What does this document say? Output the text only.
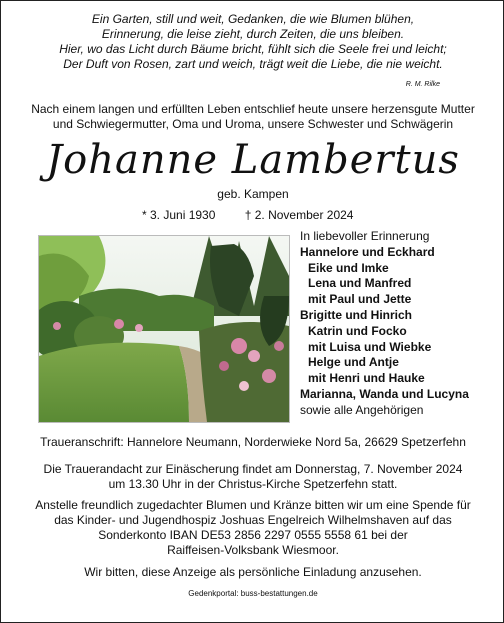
Ein Garten, still und weit, Gedanken, die wie Blumen blühen,
Erinnerung, die leise zieht, durch Zeiten, die uns bleiben.
Hier, wo das Licht durch Bäume bricht, fühlt sich die Seele frei und leicht;
Der Duft von Rosen, zart und weich, trägt weit die Liebe, die nie weicht.
R. M. Rilke
Nach einem langen und erfüllten Leben entschlief heute unsere herzensgute Mutter
und Schwiegermutter, Oma und Uroma, unsere Schwester und Schwägerin
Johanne Lambertus
geb. Kampen
* 3. Juni 1930 † 2. November 2024
In liebevoller Erinnerung
Hannelore und Eckhard
Eike und Imke
Lena und Manfred
mit Paul und Jette
Brigitte und Hinrich
Katrin und Focko
mit Luisa und Wiebke
Helge und Antje
mit Henri und Hauke
Marianna, Wanda und Lucyna
sowie alle Angehörigen
Traueranschrift: Hannelore Neumann, Norderwieke Nord 5a, 26629 Spetzerfehn
Die Trauerandacht zur Einäscherung findet am Donnerstag, 7. November 2024
um 13.30 Uhr in der Christus-Kirche Spetzerfehn statt.
Anstelle freundlich zugedachter Blumen und Kränze bitten wir um eine Spende für
das Kinder- und Jugendhospiz Joshuas Engelreich Wilhelmshaven auf das
Sonderkonto IBAN DE53 2856 2297 0555 5558 61 bei der
Raiffeisen-Volksbank Wiesmoor.
Wir bitten, diese Anzeige als persönliche Einladung anzusehen.
Gedenkportal: buss-bestattungen.de
